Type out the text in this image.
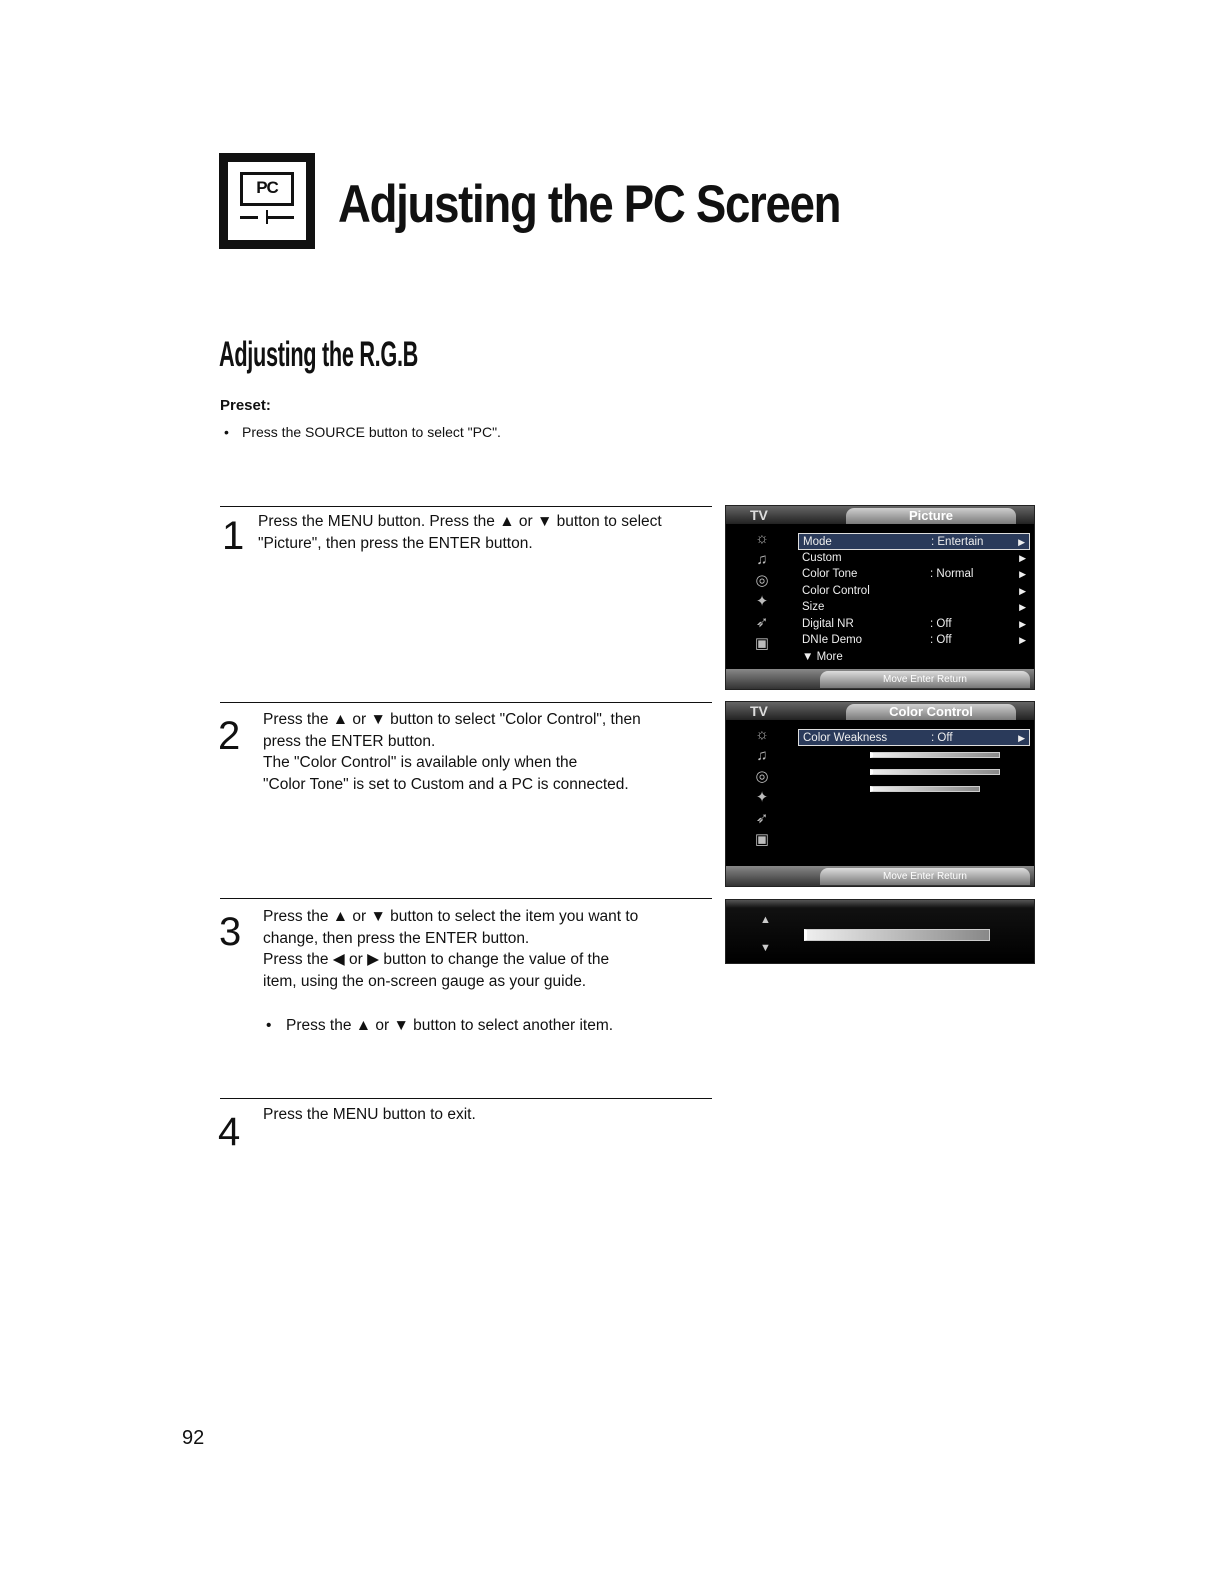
PC Adjusting the PC Screen
Adjusting the R.G.B
Preset:
• Press the SOURCE button to select "PC".
1 Press the MENU button. Press the ▲ or ▼ button to select

"Picture", then press the ENTER button.

2 Press the ▲ or ▼ button to select "Color Control", then

press the ENTER button.

The "Color Control" is available only when the

"Color Tone" is set to Custom and a PC is connected.

3 Press the ▲ or ▼ button to select the item you want to

change, then press the ENTER button.

Press the ◀ or ▶ button to change the value of the

item, using the on-screen gauge as your guide.

• Press the ▲ or ▼ button to select another item.
4 Press the MENU button to exit.

TV	Picture
☼
♫
◎
✦
➶
▣
Mode	: Entertain	▶
Custom	▶
Color Tone	: Normal	▶
Color Control	▶
Size	▶
Digital NR	: Off	▶
DNIe Demo	: Off	▶
▼ More
Move Enter Return
TV	Color Control
☼
♫
◎
✦
➶
▣
Color Weakness	: Off	▶
Move Enter Return
▲
▼
92
